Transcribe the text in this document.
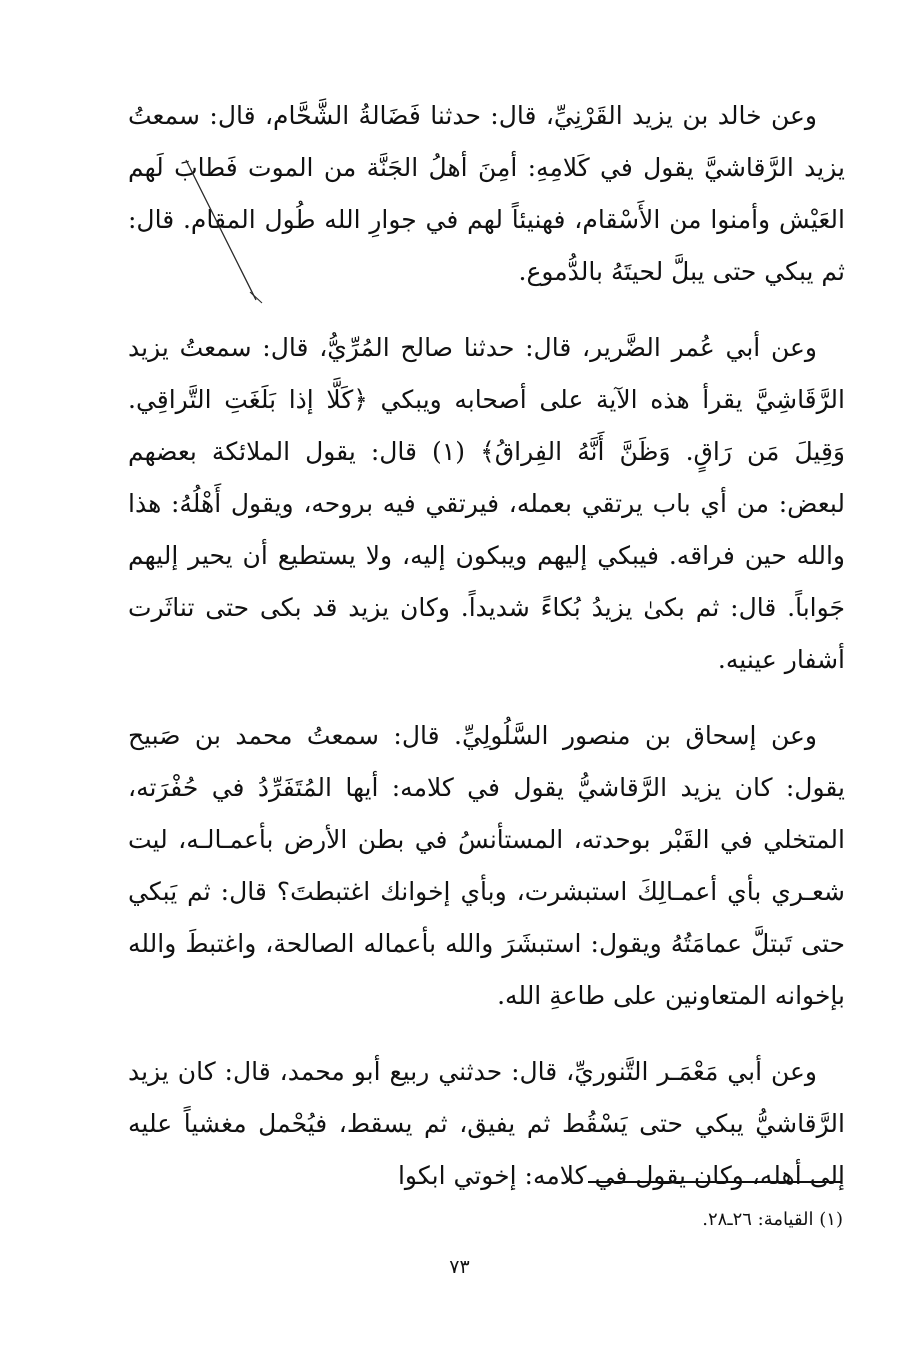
وعن خالد بن يزيد القَرْنِيِّ، قال: حدثنا فَضَالةُ الشَّحَّام، قال: سمعتُ يزيد الرَّقاشيَّ يقول في كَلامِهِ: أمِنَ أهلُ الجَنَّة من الموت فَطابَ لَهم العَيْش وأمنوا من الأَسْقام، فهنيئاً لهم في جوارِ الله طُول المقام. قال: ثم يبكي حتى يبلَّ لحيتَهُ بالدُّموع.

وعن أبي عُمر الضَّرير، قال: حدثنا صالح المُرِّيُّ، قال: سمعتُ يزيد الرَّقَاشِيَّ يقرأ هذه الآية على أصحابه ويبكي ﴿كَلَّا إذا بَلَغَتِ التَّراقِي. وَقِيلَ مَن رَاقٍ. وَظَنَّ أَنَّهُ الفِراقُ﴾ (١) قال: يقول الملائكة بعضهم لبعض: من أي باب يرتقي بعمله، فيرتقي فيه بروحه، ويقول أَهْلُهُ: هذا والله حين فراقه. فيبكي إليهم ويبكون إليه، ولا يستطيع أن يحير إليهم جَواباً. قال: ثم بكىٰ يزيدُ بُكاءً شديداً. وكان يزيد قد بكى حتى تناثَرت أشفار عينيه.

وعن إسحاق بن منصور السَّلُولِيِّ. قال: سمعتُ محمد بن صَبيح يقول: كان يزيد الرَّقاشيُّ يقول في كلامه: أيها المُتَفَرِّدُ في حُفْرَته، المتخلي في القَبْر بوحدته، المستأنسُ في بطن الأرض بأعمـالـه، ليت شعـري بأي أعمـالِكَ استبشرت، وبأي إخوانك اغتبطتَ؟ قال: ثم يَبكي حتى تَبتلَّ عمامَتُهُ ويقول: استبشَرَ والله بأعماله الصالحة، واغتبطَ والله بإخوانه المتعاونين على طاعةِ الله.

وعن أبي مَعْمَـر التَّنوريِّ، قال: حدثني ربيع أبو محمد، قال: كان يزيد الرَّقاشيُّ يبكي حتى يَسْقُط ثم يفيق، ثم يسقط، فيُحْمل مغشياً عليه إلى أهله، وكان يقول في كلامه: إخوتي ابكوا

(١) القيامة: ٢٦ـ٢٨.

٧٣
